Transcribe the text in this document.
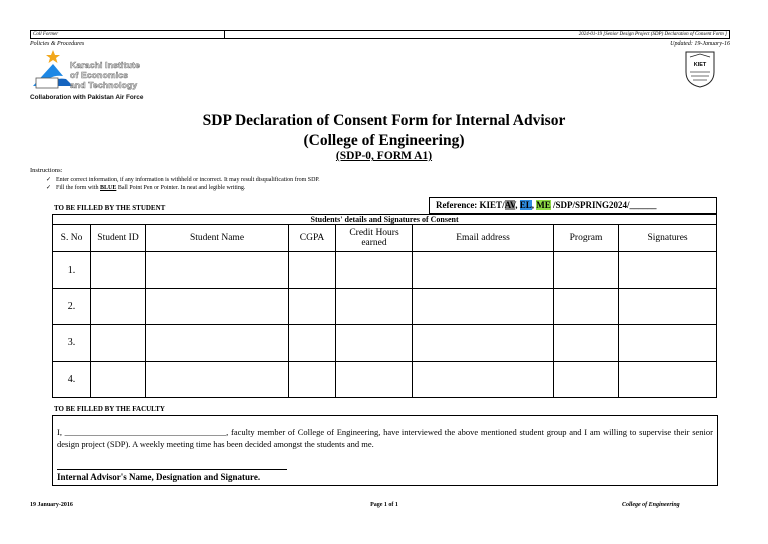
Coll Former	2024-01-19 [Senior Design Project (SDP) Declaration of Consent Form ]
Policies & Procedures	Updated: 19-January-16
Karachi Institute
of Economics
and Technology
Collaboration with Pakistan Air Force
KIET
SDP Declaration of Consent Form for Internal Advisor
(College of Engineering)
(SDP-0, FORM A1)
Instructions:
✓ Enter correct information, if any information is withheld or incorrect. It may result disqualification from SDP.
✓ Fill the form with BLUE Ball Point Pen or Pointer. In neat and legible writing.
TO BE FILLED BY THE STUDENT
Students' details and Signatures of Consent							
S. No	Student ID	Student Name	CGPA	Credit Hours earned	Email address	Program	Signatures
1.							
2.							
3.							
4.							
Reference: KIET/AV, EL, ME /SDP/SPRING2024/______
TO BE FILLED BY THE FACULTY
I, ______________________________________, faculty member of College of Engineering, have interviewed the above mentioned student group and I am willing to supervise their senior design project (SDP). A weekly meeting time has been decided amongst the students and me.
Internal Advisor's Name, Designation and Signature.
19 January-2016	Page 1 of 1	College of Engineering
